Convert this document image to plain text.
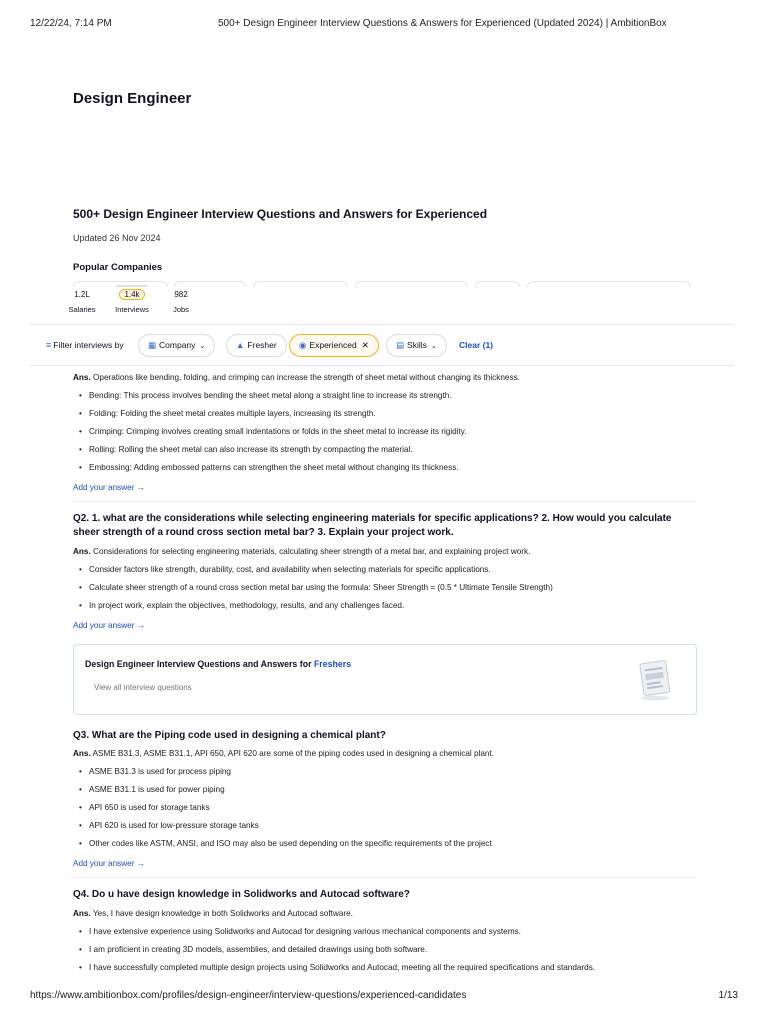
12/22/24, 7:14 PM	500+ Design Engineer Interview Questions & Answers for Experienced (Updated 2024) | AmbitionBox
Design Engineer
500+ Design Engineer Interview Questions and Answers for Experienced
Updated 26 Nov 2024
Popular Companies
1.2L
Salaries
1.4k
Interviews
982
Jobs
≡ Filter interviews by	▦ Company ⌄	▲ Fresher	◉ Experienced ✕	▤ Skills ⌄	Clear (1)

Ans. Operations like bending, folding, and crimping can increase the strength of sheet metal without changing its thickness.

• Bending: This process involves bending the sheet metal along a straight line to increase its strength.
• Folding: Folding the sheet metal creates multiple layers, increasing its strength.
• Crimping: Crimping involves creating small indentations or folds in the sheet metal to increase its rigidity.
• Rolling: Rolling the sheet metal can also increase its strength by compacting the material.
• Embossing: Adding embossed patterns can strengthen the sheet metal without changing its thickness.
Add your answer →
Q2. 1. what are the considerations while selecting engineering materials for specific applications? 2. How would you calculate sheer strength of a round cross section metal bar? 3. Explain your project work.

Ans. Considerations for selecting engineering materials, calculating sheer strength of a metal bar, and explaining project work.

• Consider factors like strength, durability, cost, and availability when selecting materials for specific applications.
• Calculate sheer strength of a round cross section metal bar using the formula: Sheer Strength = (0.5 * Ultimate Tensile Strength)
• In project work, explain the objectives, methodology, results, and any challenges faced.
Add your answer →
Design Engineer Interview Questions and Answers for Freshers
View all interview questions
Q3. What are the Piping code used in designing a chemical plant?

Ans. ASME B31.3, ASME B31.1, API 650, API 620 are some of the piping codes used in designing a chemical plant.

• ASME B31.3 is used for process piping
• ASME B31.1 is used for power piping
• API 650 is used for storage tanks
• API 620 is used for low-pressure storage tanks
• Other codes like ASTM, ANSI, and ISO may also be used depending on the specific requirements of the project
Add your answer →
Q4. Do u have design knowledge in Solidworks and Autocad software?

Ans. Yes, I have design knowledge in both Solidworks and Autocad software.

• I have extensive experience using Solidworks and Autocad for designing various mechanical components and systems.
• I am proficient in creating 3D models, assemblies, and detailed drawings using both software.
• I have successfully completed multiple design projects using Solidworks and Autocad, meeting all the required specifications and standards.
https://www.ambitionbox.com/profiles/design-engineer/interview-questions/experienced-candidates	1/13
